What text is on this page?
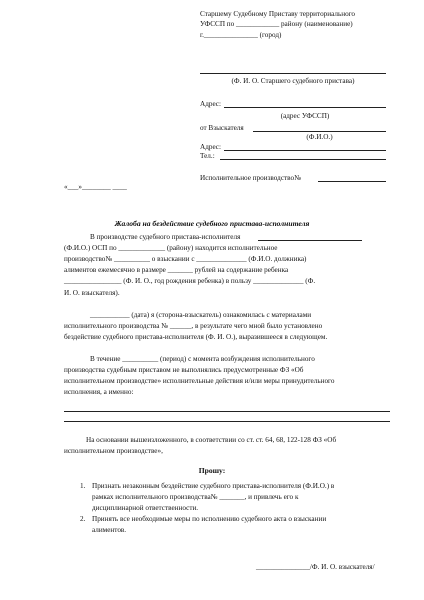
Старшему Судебному Приставу территориального
УФССП по ____________ району (наименование)
г._______________ (город)
(Ф. И. О. Старшего судебного пристава)
Адрес:
(адрес УФССП)
от Взыскателя
(Ф.И.О.)
Адрес:
Тел.:
Исполнительное производство№
«___»________ ____
Жалоба на бездействие судебного пристава-исполнителя
В производстве судебного пристава-исполнителя
(Ф.И.О.) ОСП по _____________ (району) находится исполнительное
производство№ __________ о взыскании с ______________ (Ф.И.О. должника)
алиментов ежемесячно в размере _______ рублей на содержание ребенка
________________ (Ф. И. О., год рождения ребенка) в пользу ______________ (Ф.
И. О. взыскателя).
___________ (дата) я (сторона-взыскатель) ознакомилась с материалами
исполнительного производства № ______, в результате чего мной было установлено
бездействие судебного пристава-исполнителя (Ф. И. О.), выразившееся в следующем.
В течение __________ (период) с момента возбуждения исполнительного
производства судебным приставом не выполнялись предусмотренные ФЗ «Об
исполнительном производстве» исполнительные действия и/или меры принудительного
исполнения, а именно:
На основании вышеизложенного, в соответствии со ст. ст. 64, 68, 122-128 ФЗ «Об
исполнительном производстве»,
Прошу:
1. Признать незаконным бездействие судебного пристава-исполнителя (Ф.И.О.) в
рамках исполнительного производства№ _______, и привлечь его к
дисциплинарной ответственности.
2. Принять все необходимые меры по исполнению судебного акта о взыскании
алиментов.
_______________/Ф. И. О. взыскателя/
